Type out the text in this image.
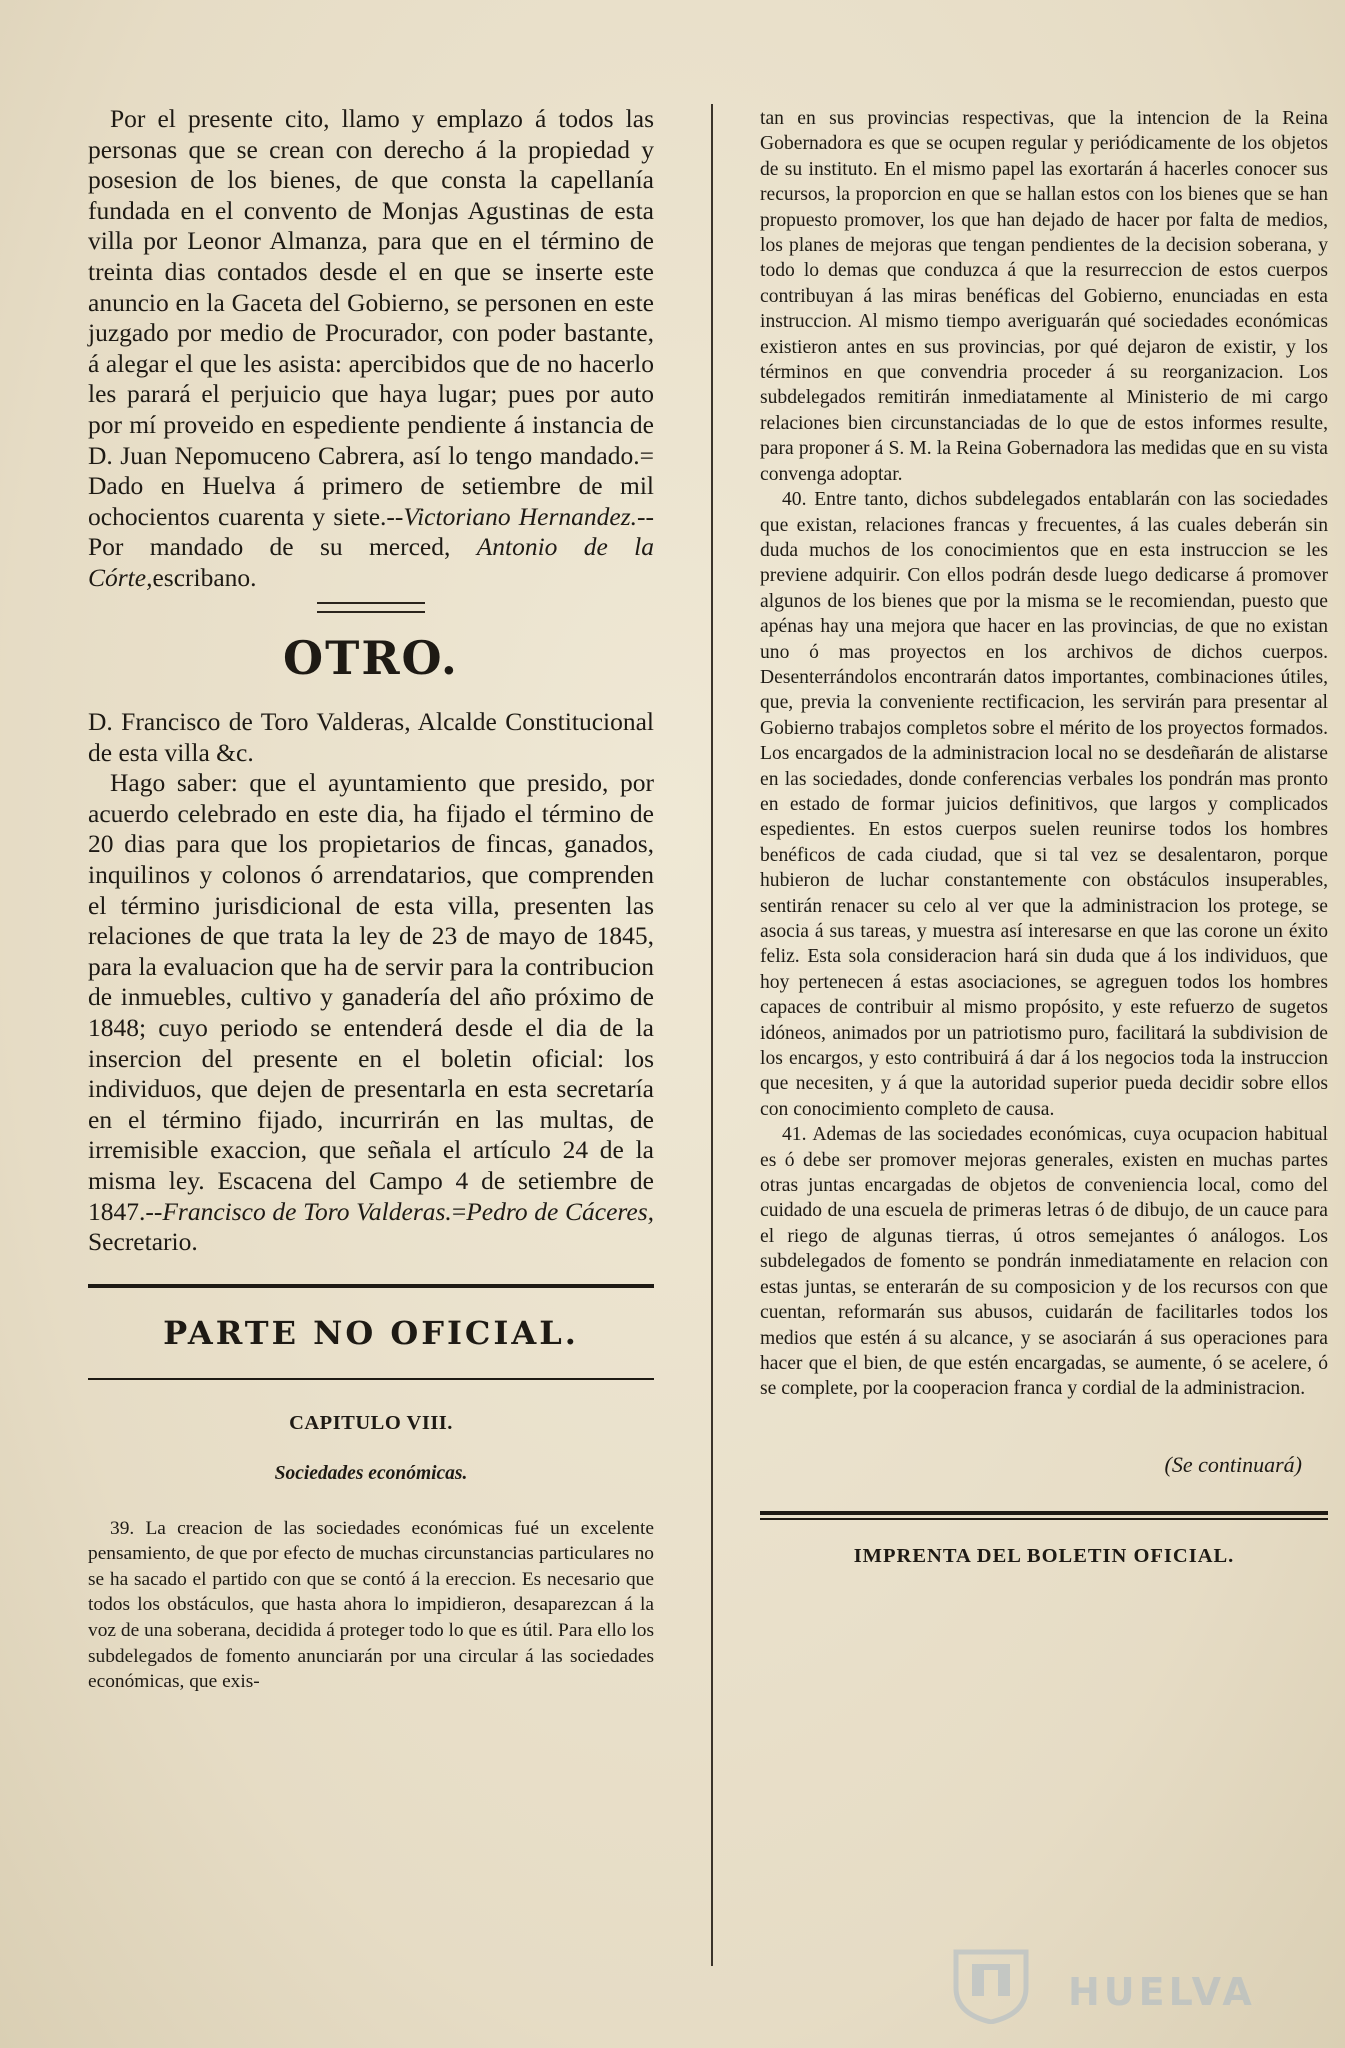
Por el presente cito, llamo y emplazo á todos las personas que se crean con derecho á la propiedad y posesion de los bienes, de que consta la capellanía fundada en el convento de Monjas Agustinas de esta villa por Leonor Almanza, para que en el término de treinta dias contados desde el en que se inserte este anuncio en la Gaceta del Gobierno, se personen en este juzgado por medio de Procurador, con poder bastante, á alegar el que les asista: apercibidos que de no hacerlo les parará el perjuicio que haya lugar; pues por auto por mí proveido en espediente pendiente á instancia de D. Juan Nepomuceno Cabrera, así lo tengo mandado.= Dado en Huelva á primero de setiembre de mil ochocientos cuarenta y siete.--Victoriano Hernandez.--Por mandado de su merced, Antonio de la Córte,escribano.

OTRO.

D. Francisco de Toro Valderas, Alcalde Constitucional de esta villa &c.

Hago saber: que el ayuntamiento que presido, por acuerdo celebrado en este dia, ha fijado el término de 20 dias para que los propietarios de fincas, ganados, inquilinos y colonos ó arrendatarios, que comprenden el término jurisdicional de esta villa, presenten las relaciones de que trata la ley de 23 de mayo de 1845, para la evaluacion que ha de servir para la contribucion de inmuebles, cultivo y ganadería del año próximo de 1848; cuyo periodo se entenderá desde el dia de la insercion del presente en el boletin oficial: los individuos, que dejen de presentarla en esta secretaría en el término fijado, incurrirán en las multas, de irremisible exaccion, que señala el artículo 24 de la misma ley. Escacena del Campo 4 de setiembre de 1847.--Francisco de Toro Valderas.=Pedro de Cáceres, Secretario.

PARTE NO OFICIAL.
CAPITULO VIII.
Sociedades económicas.

39. La creacion de las sociedades económicas fué un excelente pensamiento, de que por efecto de muchas circunstancias particulares no se ha sacado el partido con que se contó á la ereccion. Es necesario que todos los obstáculos, que hasta ahora lo impidieron, desaparezcan á la voz de una soberana, decidida á proteger todo lo que es útil. Para ello los subdelegados de fomento anunciarán por una circular á las sociedades económicas, que exis-

tan en sus provincias respectivas, que la intencion de la Reina Gobernadora es que se ocupen regular y periódicamente de los objetos de su instituto. En el mismo papel las exortarán á hacerles conocer sus recursos, la proporcion en que se hallan estos con los bienes que se han propuesto promover, los que han dejado de hacer por falta de medios, los planes de mejoras que tengan pendientes de la decision soberana, y todo lo demas que conduzca á que la resurreccion de estos cuerpos contribuyan á las miras benéficas del Gobierno, enunciadas en esta instruccion. Al mismo tiempo averiguarán qué sociedades económicas existieron antes en sus provincias, por qué dejaron de existir, y los términos en que convendria proceder á su reorganizacion. Los subdelegados remitirán inmediatamente al Ministerio de mi cargo relaciones bien circunstanciadas de lo que de estos informes resulte, para proponer á S. M. la Reina Gobernadora las medidas que en su vista convenga adoptar.

40. Entre tanto, dichos subdelegados entablarán con las sociedades que existan, relaciones francas y frecuentes, á las cuales deberán sin duda muchos de los conocimientos que en esta instruccion se les previene adquirir. Con ellos podrán desde luego dedicarse á promover algunos de los bienes que por la misma se le recomiendan, puesto que apénas hay una mejora que hacer en las provincias, de que no existan uno ó mas proyectos en los archivos de dichos cuerpos. Desenterrándolos encontrarán datos importantes, combinaciones útiles, que, previa la conveniente rectificacion, les servirán para presentar al Gobierno trabajos completos sobre el mérito de los proyectos formados. Los encargados de la administracion local no se desdeñarán de alistarse en las sociedades, donde conferencias verbales los pondrán mas pronto en estado de formar juicios definitivos, que largos y complicados espedientes. En estos cuerpos suelen reunirse todos los hombres benéficos de cada ciudad, que si tal vez se desalentaron, porque hubieron de luchar constantemente con obstáculos insuperables, sentirán renacer su celo al ver que la administracion los protege, se asocia á sus tareas, y muestra así interesarse en que las corone un éxito feliz. Esta sola consideracion hará sin duda que á los individuos, que hoy pertenecen á estas asociaciones, se agreguen todos los hombres capaces de contribuir al mismo propósito, y este refuerzo de sugetos idóneos, animados por un patriotismo puro, facilitará la subdivision de los encargos, y esto contribuirá á dar á los negocios toda la instruccion que necesiten, y á que la autoridad superior pueda decidir sobre ellos con conocimiento completo de causa.

41. Ademas de las sociedades económicas, cuya ocupacion habitual es ó debe ser promover mejoras generales, existen en muchas partes otras juntas encargadas de objetos de conveniencia local, como del cuidado de una escuela de primeras letras ó de dibujo, de un cauce para el riego de algunas tierras, ú otros semejantes ó análogos. Los subdelegados de fomento se pondrán inmediatamente en relacion con estas juntas, se enterarán de su composicion y de los recursos con que cuentan, reformarán sus abusos, cuidarán de facilitarles todos los medios que estén á su alcance, y se asociarán á sus operaciones para hacer que el bien, de que estén encargadas, se aumente, ó se acelere, ó se complete, por la cooperacion franca y cordial de la administracion.

(Se continuará)
IMPRENTA DEL BOLETIN OFICIAL.
HUELVA
